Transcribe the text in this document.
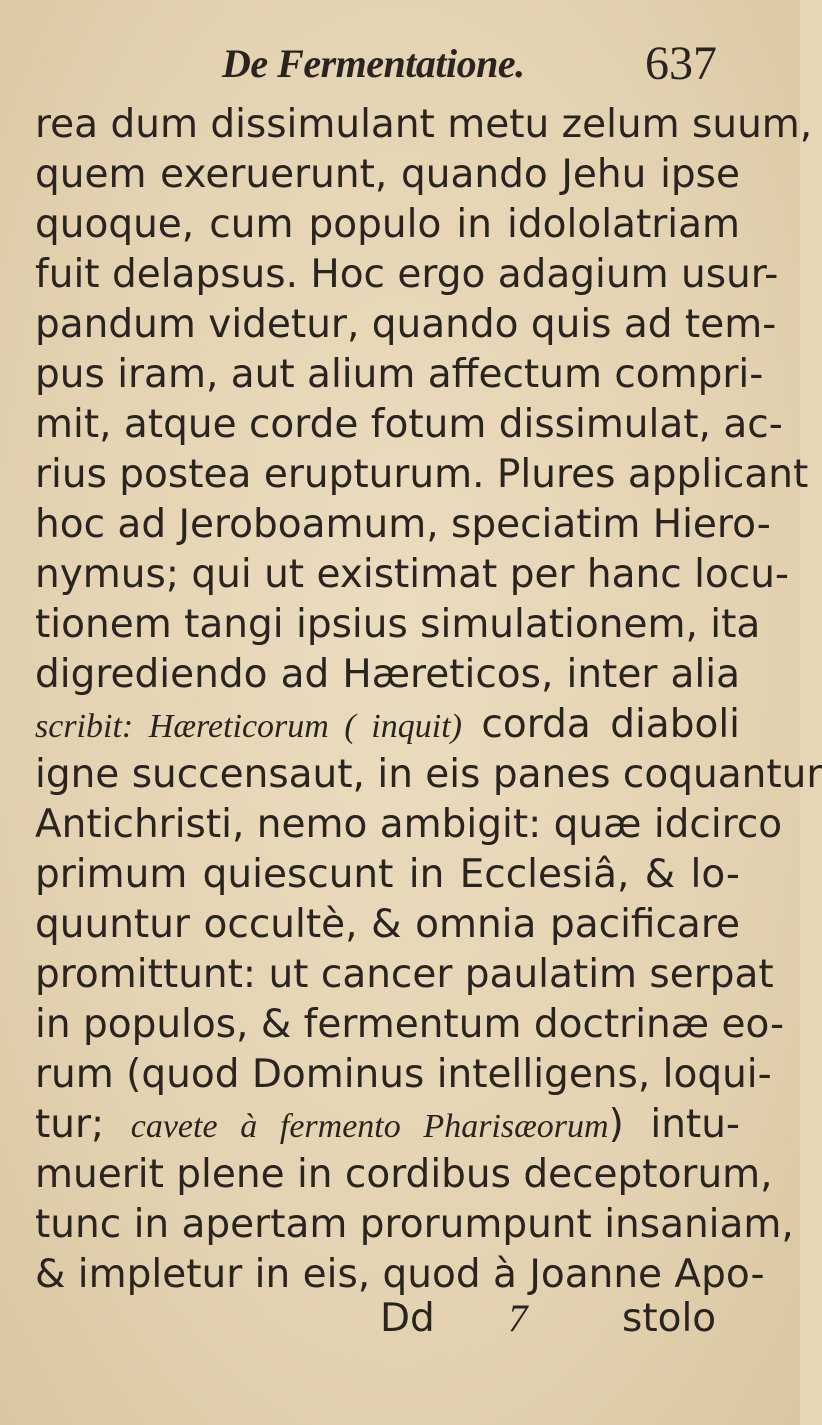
De Fermentatione.	637
rea dum dissimulant metu zelum suum,
quem exeruerunt, quando Jehu ipse
quoque, cum populo in idololatriam
fuit delapsus. Hoc ergo adagium usur-
pandum videtur, quando quis ad tem-
pus iram, aut alium affectum compri-
mit, atque corde fotum dissimulat, ac-
rius postea erupturum. Plures applicant
hoc ad Jeroboamum, speciatim Hiero-
nymus; qui ut existimat per hanc locu-
tionem tangi ipsius simulationem, ita
digrediendo ad Hæreticos, inter alia
scribit: Hæreticorum ( inquit) corda diaboli
igne succensaut, in eis panes coquantur
Antichristi, nemo ambigit: quæ idcirco
primum quiescunt in Ecclesiâ, & lo-
quuntur occultè, & omnia pacificare
promittunt: ut cancer paulatim serpat
in populos, & fermentum doctrinæ eo-
rum (quod Dominus intelligens, loqui-
tur; cavete à fermento Pharisæorum) intu-
muerit plene in cordibus deceptorum,
tunc in apertam prorumpunt insaniam,
& impletur in eis, quod à Joanne Apo-
Dd 7 stolo
